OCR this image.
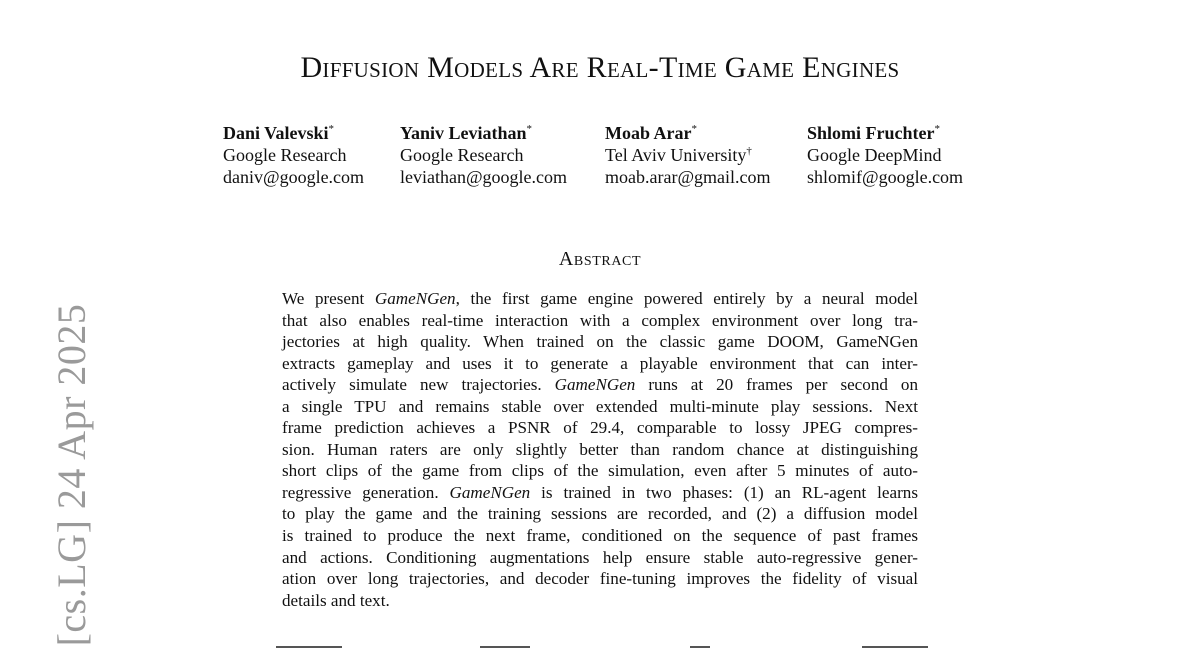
[cs.LG] 24 Apr 2025
Diffusion Models Are Real-Time Game Engines
Dani Valevski*
Google Research
daniv@google.com
Yaniv Leviathan*
Google Research
leviathan@google.com
Moab Arar*
Tel Aviv University†
moab.arar@gmail.com
Shlomi Fruchter*
Google DeepMind
shlomif@google.com
Abstract
We present GameNGen, the first game engine powered entirely by a neural model
that also enables real-time interaction with a complex environment over long tra-
jectories at high quality. When trained on the classic game DOOM, GameNGen
extracts gameplay and uses it to generate a playable environment that can inter-
actively simulate new trajectories. GameNGen runs at 20 frames per second on
a single TPU and remains stable over extended multi-minute play sessions. Next
frame prediction achieves a PSNR of 29.4, comparable to lossy JPEG compres-
sion. Human raters are only slightly better than random chance at distinguishing
short clips of the game from clips of the simulation, even after 5 minutes of auto-
regressive generation. GameNGen is trained in two phases: (1) an RL-agent learns
to play the game and the training sessions are recorded, and (2) a diffusion model
is trained to produce the next frame, conditioned on the sequence of past frames
and actions. Conditioning augmentations help ensure stable auto-regressive gener-
ation over long trajectories, and decoder fine-tuning improves the fidelity of visual
details and text.
